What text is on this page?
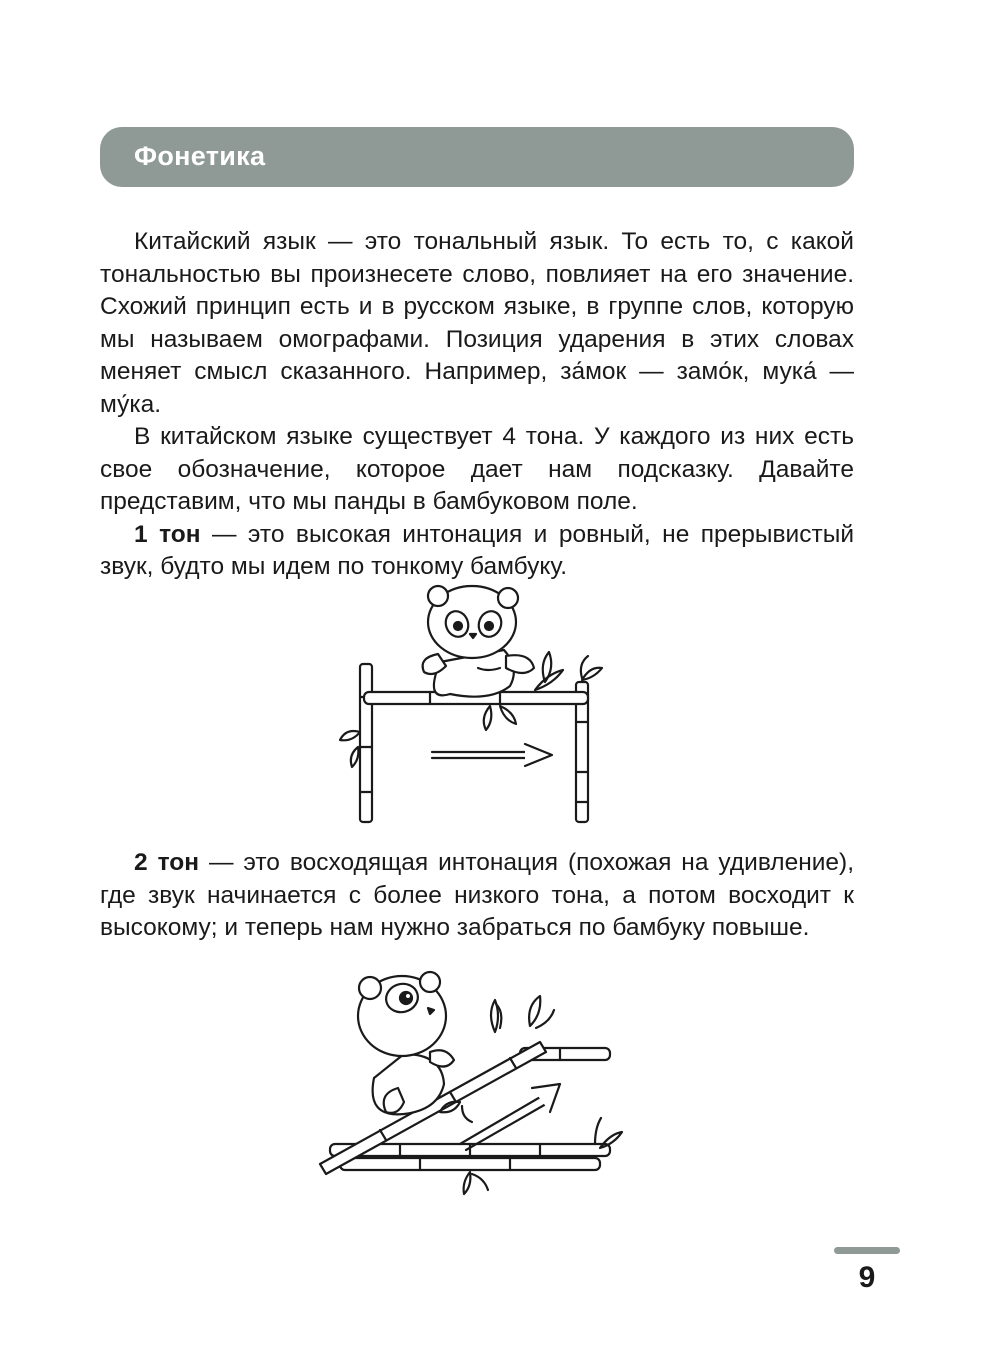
Фонетика

Китайский язык — это тональный язык. То есть то, с какой тональностью вы произнесете слово, повлияет на его значение. Схожий принцип есть и в русском языке, в группе слов, которую мы называем омографами. Позиция ударения в этих словах меняет смысл сказанного. Например, за́мок — замо́к, мука́ — му́ка.

В китайском языке существует 4 тона. У каждого из них есть свое обозначение, которое дает нам подсказку. Давайте представим, что мы панды в бамбуковом поле.

1 тон — это высокая интонация и ровный, не прерывистый звук, будто мы идем по тонкому бамбуку.

2 тон — это восходящая интонация (похожая на удивление), где звук начинается с более низкого тона, а потом восходит к высокому; и теперь нам нужно забраться по бамбуку повыше.

9
